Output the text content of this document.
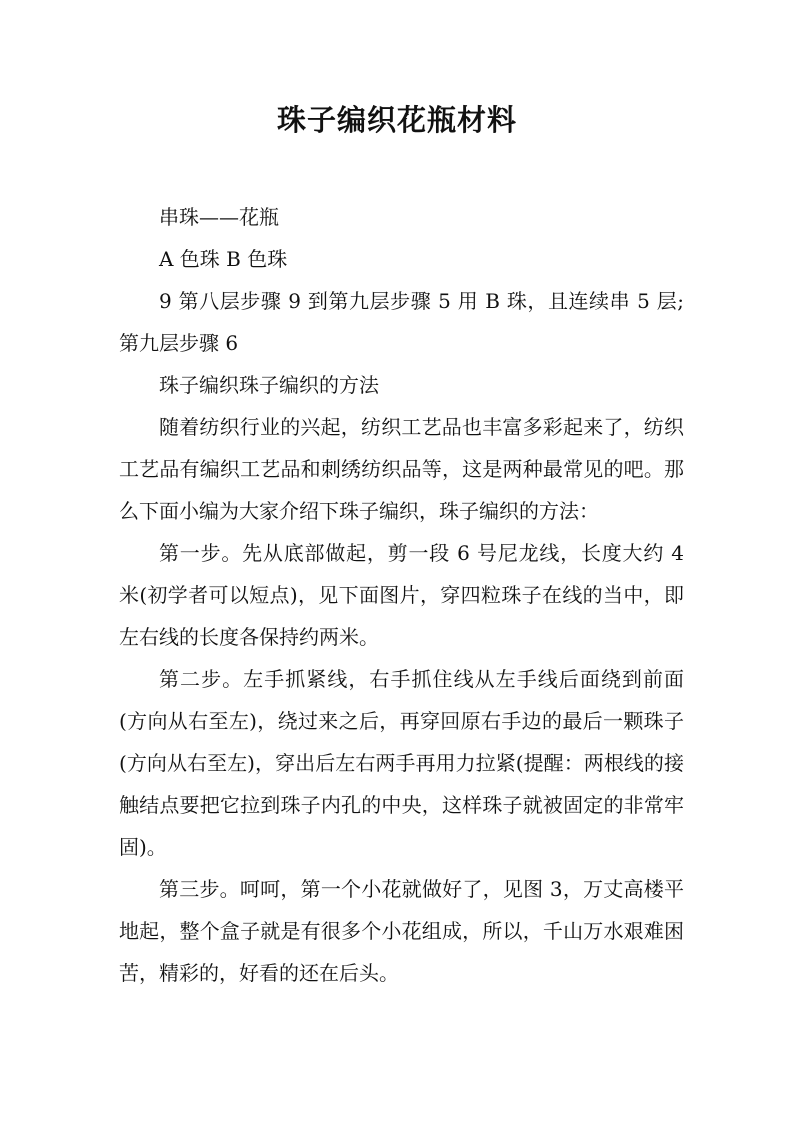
珠子编织花瓶材料

串珠——花瓶

A 色珠 B 色珠

9 第八层步骤 9 到第九层步骤 5 用 B 珠，且连续串 5 层;第九层步骤 6

珠子编织珠子编织的方法

随着纺织行业的兴起，纺织工艺品也丰富多彩起来了，纺织工艺品有编织工艺品和刺绣纺织品等，这是两种最常见的吧。那么下面小编为大家介绍下珠子编织，珠子编织的方法：

第一步。先从底部做起，剪一段 6 号尼龙线，长度大约 4 米(初学者可以短点)，见下面图片，穿四粒珠子在线的当中，即左右线的长度各保持约两米。

第二步。左手抓紧线，右手抓住线从左手线后面绕到前面(方向从右至左)，绕过来之后，再穿回原右手边的最后一颗珠子(方向从右至左)，穿出后左右两手再用力拉紧(提醒：两根线的接触结点要把它拉到珠子内孔的中央，这样珠子就被固定的非常牢固)。

第三步。呵呵，第一个小花就做好了，见图 3，万丈高楼平地起，整个盒子就是有很多个小花组成，所以，千山万水艰难困苦，精彩的，好看的还在后头。
